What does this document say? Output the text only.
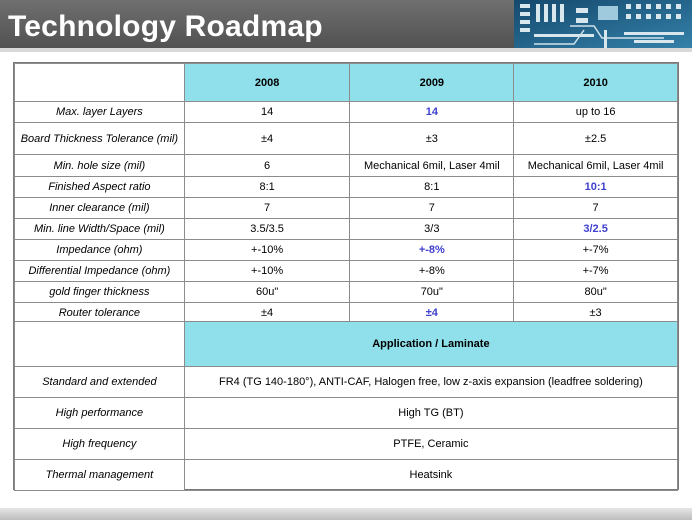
Technology Roadmap
	2008	2009	2010
Max. layer Layers	14	14	up to 16
Board Thickness Tolerance (mil)	±4	±3	±2.5
Min. hole size (mil)	6	Mechanical 6mil, Laser 4mil	Mechanical 6mil, Laser 4mil
Finished Aspect ratio	8:1	8:1	10:1
Inner clearance (mil)	7	7	7
Min. line Width/Space (mil)	3.5/3.5	3/3	3/2.5
Impedance (ohm)	+-10%	+-8%	+-7%
Differential Impedance (ohm)	+-10%	+-8%	+-7%
gold finger thickness	60u"	70u"	80u"
Router tolerance	±4	±4	±3
	Application / Laminate
Standard and extended	FR4 (TG 140-180°), ANTI-CAF, Halogen free, low z-axis expansion (leadfree soldering)
High performance	High TG (BT)
High frequency	PTFE, Ceramic
Thermal management	Heatsink
